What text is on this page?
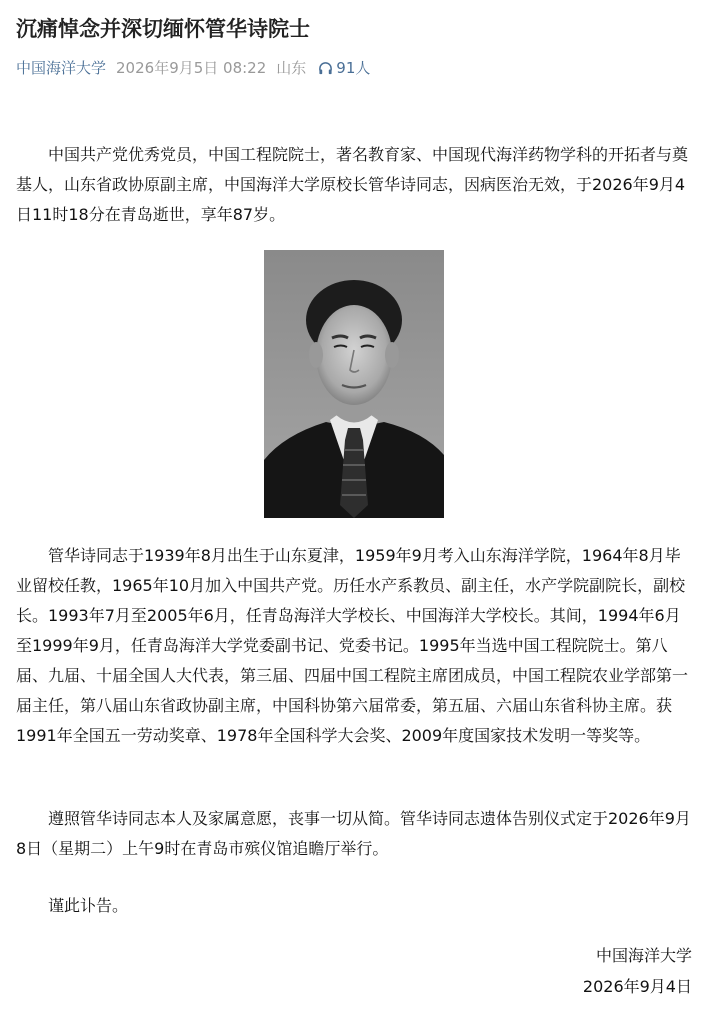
沉痛悼念并深切缅怀管华诗院士
中国海洋大学 2026年9月5日 08:22 山东 91人

中国共产党优秀党员，中国工程院院士，著名教育家、中国现代海洋药物学科的开拓者与奠基人，山东省政协原副主席，中国海洋大学原校长管华诗同志，因病医治无效，于2026年9月4日11时18分在青岛逝世，享年87岁。

管华诗同志于1939年8月出生于山东夏津，1959年9月考入山东海洋学院，1964年8月毕业留校任教，1965年10月加入中国共产党。历任水产系教员、副主任，水产学院副院长，副校长。1993年7月至2005年6月，任青岛海洋大学校长、中国海洋大学校长。其间，1994年6月至1999年9月，任青岛海洋大学党委副书记、党委书记。1995年当选中国工程院院士。第八届、九届、十届全国人大代表，第三届、四届中国工程院主席团成员，中国工程院农业学部第一届主任，第八届山东省政协副主席，中国科协第六届常委，第五届、六届山东省科协主席。获1991年全国五一劳动奖章、1978年全国科学大会奖、2009年度国家技术发明一等奖等。

遵照管华诗同志本人及家属意愿，丧事一切从简。管华诗同志遗体告别仪式定于2026年9月8日（星期二）上午9时在青岛市殡仪馆追瞻厅举行。

谨此讣告。

中国海洋大学
2026年9月4日
